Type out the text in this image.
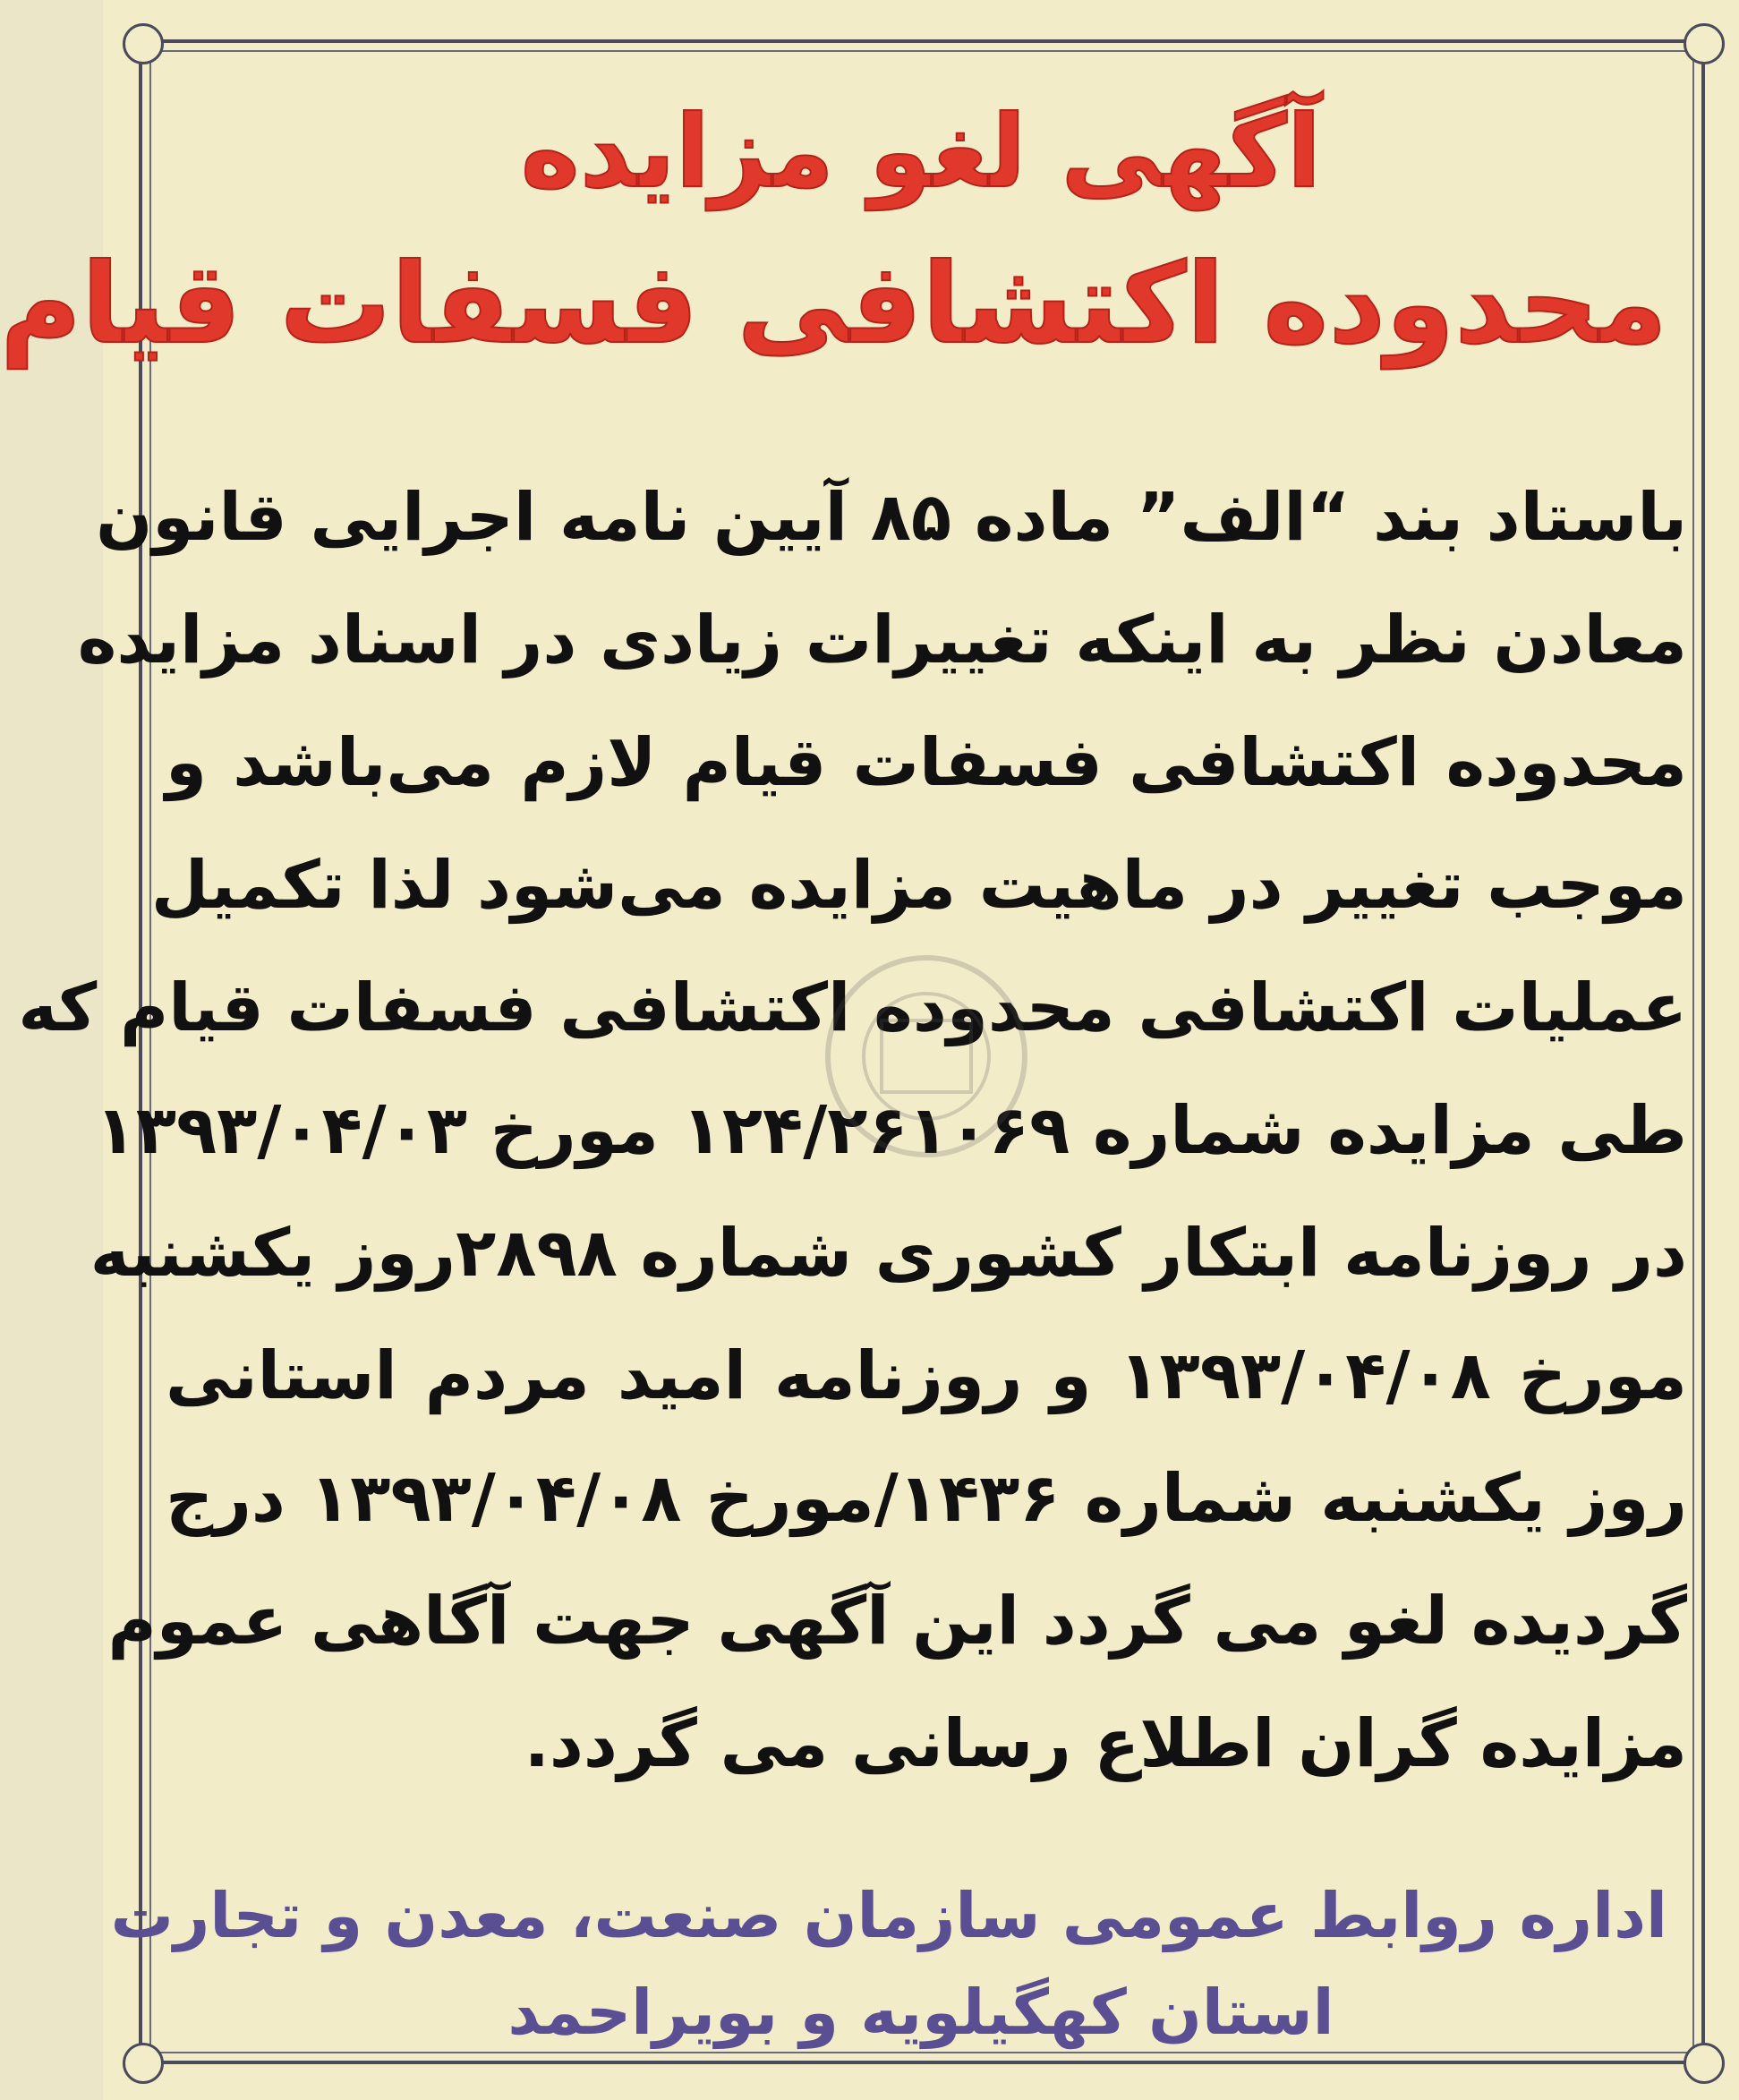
آگهی لغو مزایده
محدوده اکتشافی فسفات قیام
باستاد بند “الف” ماده ۸۵ آیین نامه اجرایی قانون
معادن نظر به اینکه تغییرات زیادی در اسناد مزایده
محدوده اکتشافی فسفات قیام لازم می‌باشد و
موجب تغییر در ماهیت مزایده می‌شود لذا تکمیل
عملیات اکتشافی محدوده اکتشافی فسفات قیام که
طی مزایده شماره ۱۲۴/۲۶۱۰۶۹ مورخ ۱۳۹۳/۰۴/۰۳
در روزنامه ابتکار کشوری شماره ۲۸۹۸روز یکشنبه
مورخ ۱۳۹۳/۰۴/۰۸ و روزنامه امید مردم استانی
روز یکشنبه شماره ۱۴۳۶/مورخ ۱۳۹۳/۰۴/۰۸ درج
گردیده لغو می گردد این آگهی جهت آگاهی عموم
مزایده گران اطلاع رسانی می گردد.
اداره روابط عمومی سازمان صنعت، معدن و تجارت
استان کهگیلویه و بویراحمد
